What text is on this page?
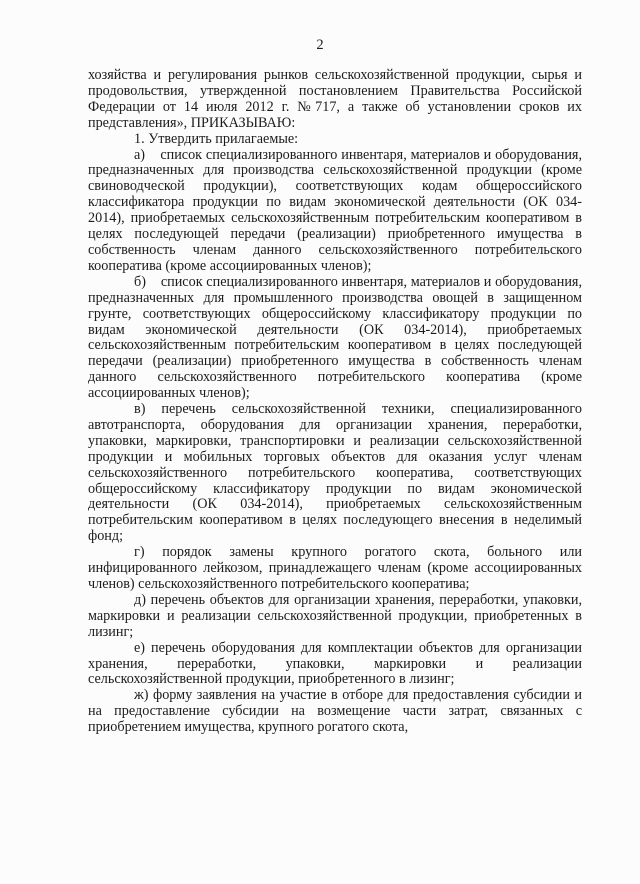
2

хозяйства и регулирования рынков сельскохозяйственной продукции, сырья и продовольствия, утвержденной постановлением Правительства Российской Федерации от 14 июля 2012 г. №717, а также об установлении сроков их представления», ПРИКАЗЫВАЮ:

1. Утвердить прилагаемые:

а)    список специализированного инвентаря, материалов и оборудования, предназначенных для производства сельскохозяйственной продукции (кроме свиноводческой продукции), соответствующих кодам общероссийского классификатора продукции по видам экономической деятельности (ОК 034-2014), приобретаемых сельскохозяйственным потребительским кооперативом в целях последующей передачи (реализации) приобретенного имущества в собственность членам данного сельскохозяйственного потребительского кооператива (кроме ассоциированных членов);

б)    список специализированного инвентаря, материалов и оборудования, предназначенных для промышленного производства овощей в защищенном грунте, соответствующих общероссийскому классификатору продукции по видам экономической деятельности (ОК 034-2014), приобретаемых сельскохозяйственным потребительским кооперативом в целях последующей передачи (реализации) приобретенного имущества в собственность членам данного сельскохозяйственного потребительского кооператива (кроме ассоциированных членов);

в) перечень сельскохозяйственной техники, специализированного автотранспорта, оборудования для организации хранения, переработки, упаковки, маркировки, транспортировки и реализации сельскохозяйственной продукции и мобильных торговых объектов для оказания услуг членам сельскохозяйственного потребительского кооператива, соответствующих общероссийскому классификатору продукции по видам экономической деятельности (ОК 034-2014), приобретаемых сельскохозяйственным потребительским кооперативом в целях последующего внесения в неделимый фонд;

г) порядок замены крупного рогатого скота, больного или инфицированного лейкозом, принадлежащего членам (кроме ассоциированных членов) сельскохозяйственного потребительского кооператива;

д) перечень объектов для организации хранения, переработки, упаковки, маркировки и реализации сельскохозяйственной продукции, приобретенных в лизинг;

е) перечень оборудования для комплектации объектов для организации хранения, переработки, упаковки, маркировки и реализации сельскохозяйственной продукции, приобретенного в лизинг;

ж) форму заявления на участие в отборе для предоставления субсидии и на предоставление субсидии на возмещение части затрат, связанных с приобретением имущества, крупного рогатого скота,
